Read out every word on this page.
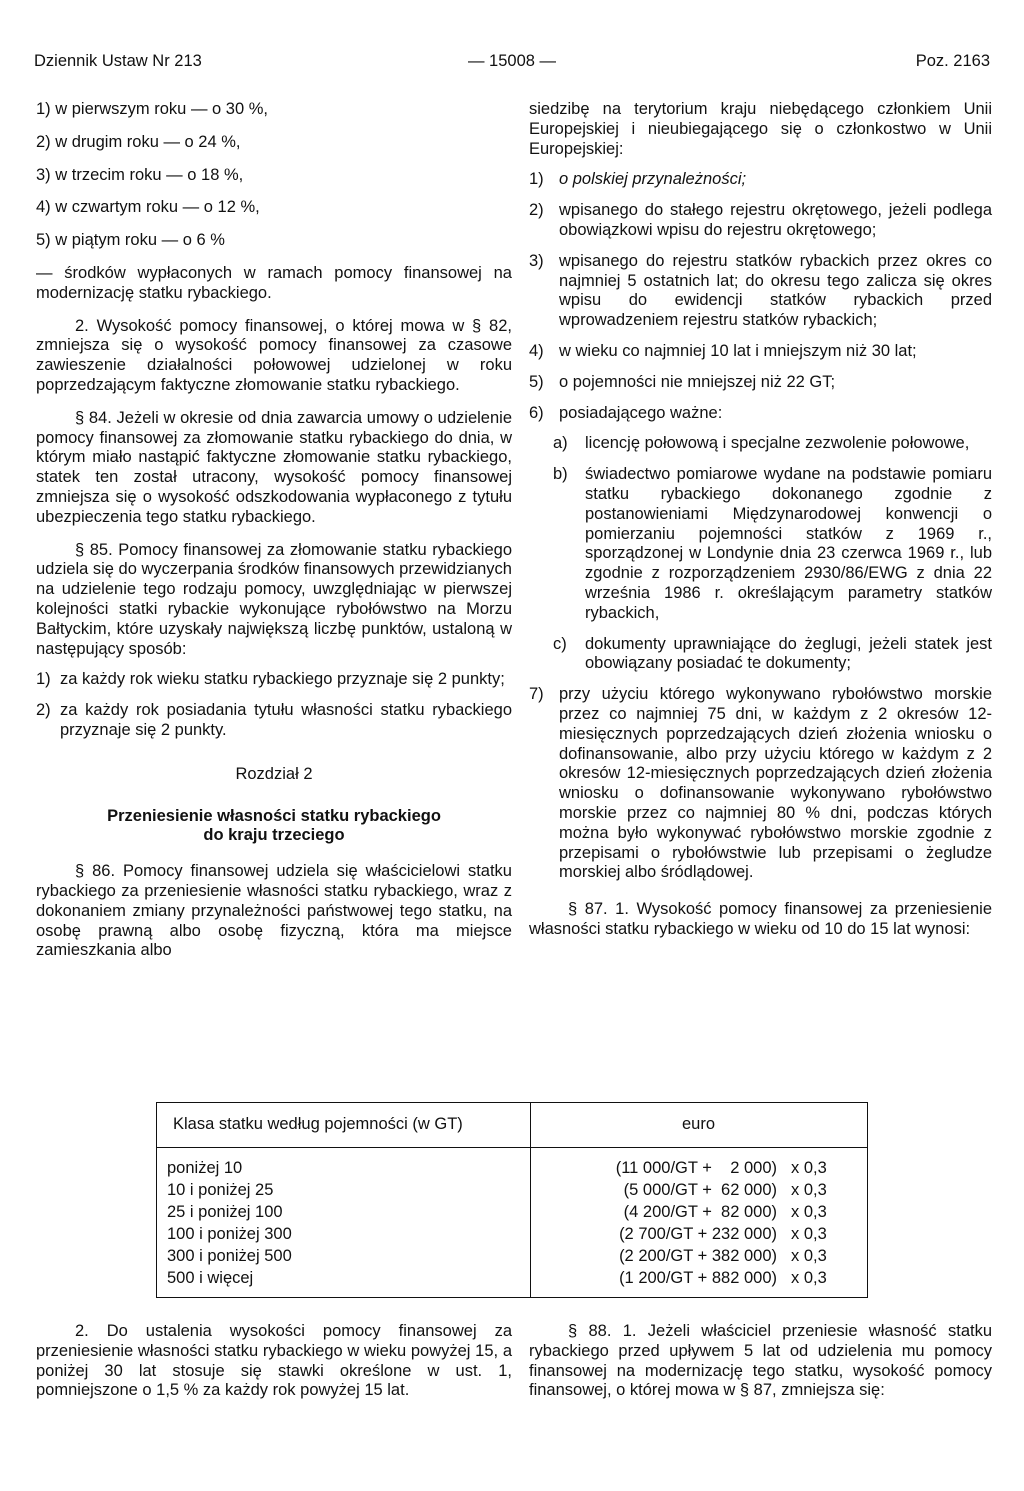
Dziennik Ustaw Nr 213	— 15008 —	Poz. 2163

1) w pierwszym roku — o 30 %,

2) w drugim roku — o 24 %,

3) w trzecim roku — o 18 %,

4) w czwartym roku — o 12 %,

5) w piątym roku — o 6 %

— środków wypłaconych w ramach pomocy finansowej na modernizację statku rybackiego.

2. Wysokość pomocy finansowej, o której mowa w § 82, zmniejsza się o wysokość pomocy finansowej za czasowe zawieszenie działalności połowowej udzielonej w roku poprzedzającym faktyczne złomowanie statku rybackiego.

§ 84. Jeżeli w okresie od dnia zawarcia umowy o udzielenie pomocy finansowej za złomowanie statku rybackiego do dnia, w którym miało nastąpić faktyczne złomowanie statku rybackiego, statek ten został utracony, wysokość pomocy finansowej zmniejsza się o wysokość odszkodowania wypłaconego z tytułu ubezpieczenia tego statku rybackiego.

§ 85. Pomocy finansowej za złomowanie statku rybackiego udziela się do wyczerpania środków finansowych przewidzianych na udzielenie tego rodzaju pomocy, uwzględniając w pierwszej kolejności statki rybackie wykonujące rybołówstwo na Morzu Bałtyckim, które uzyskały największą liczbę punktów, ustaloną w następujący sposób:

1) za każdy rok wieku statku rybackiego przyznaje się 2 punkty;
2) za każdy rok posiadania tytułu własności statku rybackiego przyznaje się 2 punkty.

Rozdział 2

Przeniesienie własności statku rybackiego

do kraju trzeciego

§ 86. Pomocy finansowej udziela się właścicielowi statku rybackiego za przeniesienie własności statku rybackiego, wraz z dokonaniem zmiany przynależności państwowej tego statku, na osobę prawną albo osobę fizyczną, która ma miejsce zamieszkania albo

siedzibę na terytorium kraju niebędącego członkiem Unii Europejskiej i nieubiegającego się o członkostwo w Unii Europejskiej:

1) o polskiej przynależności;
2) wpisanego do stałego rejestru okrętowego, jeżeli podlega obowiązkowi wpisu do rejestru okrętowego;
3) wpisanego do rejestru statków rybackich przez okres co najmniej 5 ostatnich lat; do okresu tego zalicza się okres wpisu do ewidencji statków rybackich przed wprowadzeniem rejestru statków rybackich;
4) w wieku co najmniej 10 lat i mniejszym niż 30 lat;
5) o pojemności nie mniejszej niż 22 GT;
6) posiadającego ważne:
a)	licencję połowową i specjalne zezwolenie połowowe,
b)	świadectwo pomiarowe wydane na podstawie pomiaru statku rybackiego dokonanego zgodnie z postanowieniami Międzynarodowej konwencji o pomierzaniu pojemności statków z 1969 r., sporządzonej w Londynie dnia 23 czerwca 1969 r., lub zgodnie z rozporządzeniem 2930/86/EWG z dnia 22 września 1986 r. określającym parametry statków rybackich,
c)	dokumenty uprawniające do żeglugi, jeżeli statek jest obowiązany posiadać te dokumenty;
7) przy użyciu którego wykonywano rybołówstwo morskie przez co najmniej 75 dni, w każdym z 2 okresów 12-miesięcznych poprzedzających dzień złożenia wniosku o dofinansowanie, albo przy użyciu którego w każdym z 2 okresów 12-miesięcznych poprzedzających dzień złożenia wniosku o dofinansowanie wykonywano rybołówstwo morskie przez co najmniej 80 % dni, podczas których można było wykonywać rybołówstwo morskie zgodnie z przepisami o rybołówstwie lub przepisami o żegludze morskiej albo śródlądowej.

§ 87. 1. Wysokość pomocy finansowej za przeniesienie własności statku rybackiego w wieku od 10 do 15 lat wynosi:

Klasa statku według pojemności (w GT)	euro
poniżej 10	(11 000/GT +    2 000) x 0,3
10 i poniżej 25	(5 000/GT +  62 000) x 0,3
25 i poniżej 100	(4 200/GT +  82 000) x 0,3
100 i poniżej 300	(2 700/GT + 232 000) x 0,3
300 i poniżej 500	(2 200/GT + 382 000) x 0,3
500 i więcej	(1 200/GT + 882 000) x 0,3

2. Do ustalenia wysokości pomocy finansowej za przeniesienie własności statku rybackiego w wieku powyżej 15, a poniżej 30 lat stosuje się stawki określone w ust. 1, pomniejszone o 1,5 % za każdy rok powyżej 15 lat.

§ 88. 1. Jeżeli właściciel przeniesie własność statku rybackiego przed upływem 5 lat od udzielenia mu pomocy finansowej na modernizację tego statku, wysokość pomocy finansowej, o której mowa w § 87, zmniejsza się:
